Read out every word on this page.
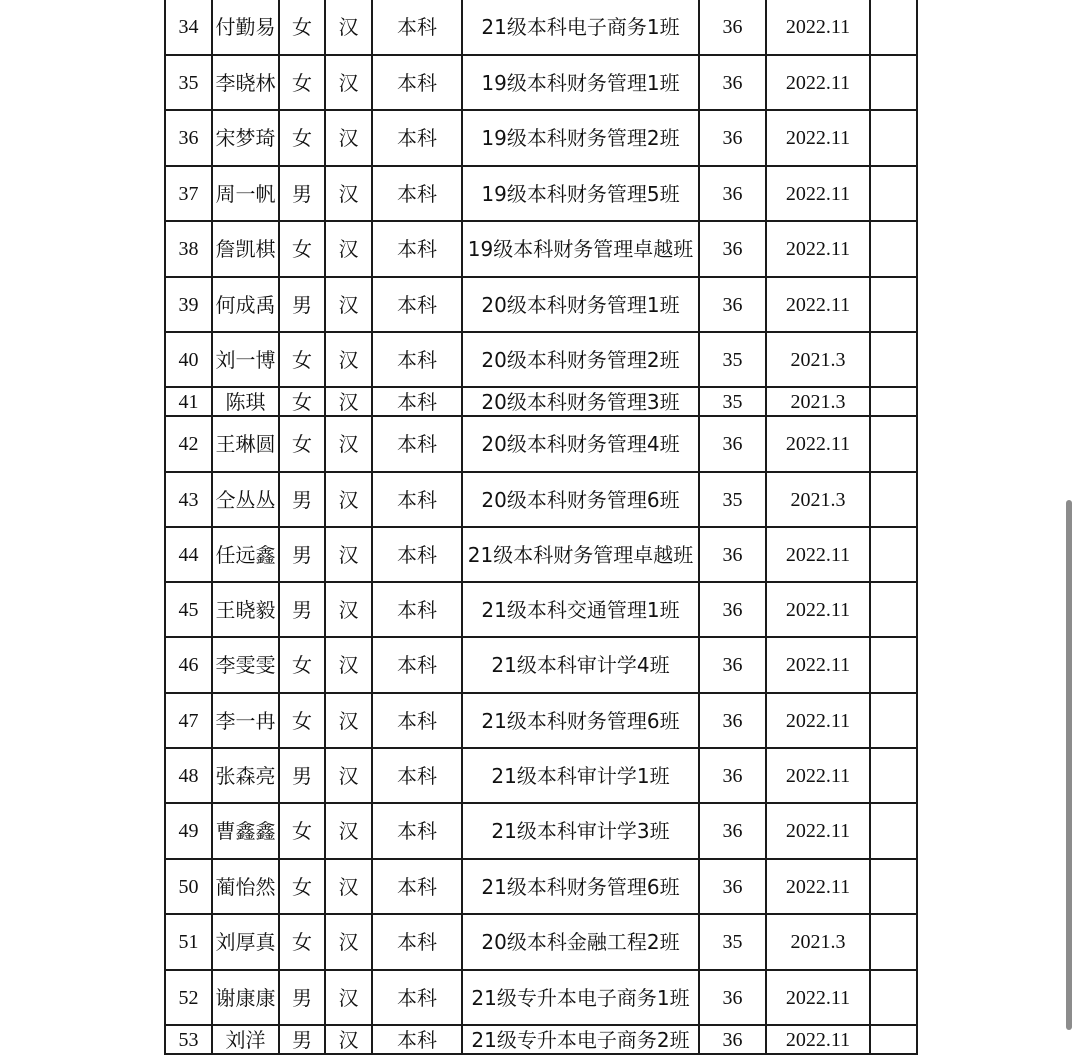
34	付勤易	女	汉	本科	21级本科电子商务1班	36	2022.11	
35	李晓林	女	汉	本科	19级本科财务管理1班	36	2022.11	
36	宋梦琦	女	汉	本科	19级本科财务管理2班	36	2022.11	
37	周一帆	男	汉	本科	19级本科财务管理5班	36	2022.11	
38	詹凯棋	女	汉	本科	19级本科财务管理卓越班	36	2022.11	
39	何成禹	男	汉	本科	20级本科财务管理1班	36	2022.11	
40	刘一博	女	汉	本科	20级本科财务管理2班	35	2021.3	
41	陈琪	女	汉	本科	20级本科财务管理3班	35	2021.3	
42	王琳圆	女	汉	本科	20级本科财务管理4班	36	2022.11	
43	仝丛丛	男	汉	本科	20级本科财务管理6班	35	2021.3	
44	任远鑫	男	汉	本科	21级本科财务管理卓越班	36	2022.11	
45	王晓毅	男	汉	本科	21级本科交通管理1班	36	2022.11	
46	李雯雯	女	汉	本科	21级本科审计学4班	36	2022.11	
47	李一冉	女	汉	本科	21级本科财务管理6班	36	2022.11	
48	张森亮	男	汉	本科	21级本科审计学1班	36	2022.11	
49	曹鑫鑫	女	汉	本科	21级本科审计学3班	36	2022.11	
50	蔺怡然	女	汉	本科	21级本科财务管理6班	36	2022.11	
51	刘厚真	女	汉	本科	20级本科金融工程2班	35	2021.3	
52	谢康康	男	汉	本科	21级专升本电子商务1班	36	2022.11	
53	刘洋	男	汉	本科	21级专升本电子商务2班	36	2022.11	
